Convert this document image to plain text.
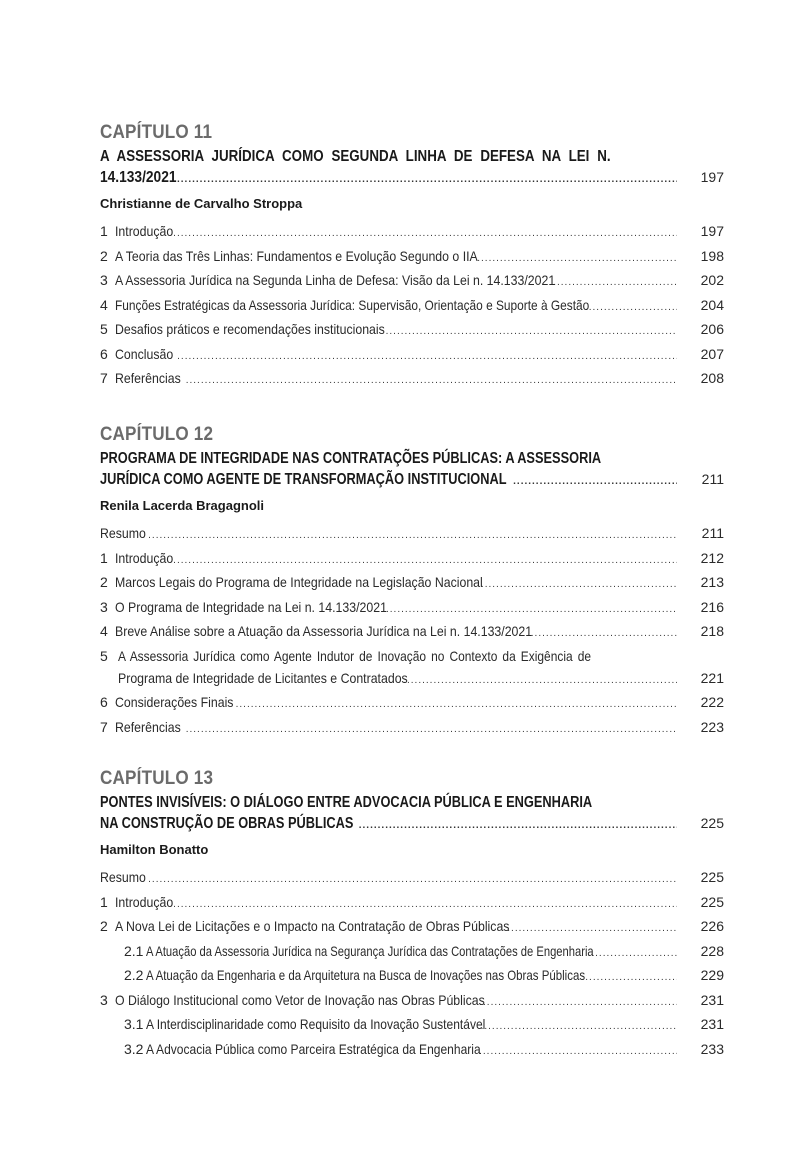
CAPÍTULO 11
A ASSESSORIA JURÍDICA COMO SEGUNDA LINHA DE DEFESA NA LEI N.
14.133/2021 .....	197
Christianne de Carvalho Stroppa
1 Introdução .....	197
2 A Teoria das Três Linhas: Fundamentos e Evolução Segundo o IIA .....	198
3 A Assessoria Jurídica na Segunda Linha de Defesa: Visão da Lei n. 14.133/2021 .....	202
4 Funções Estratégicas da Assessoria Jurídica: Supervisão, Orientação e Suporte à Gestão .....	204
5 Desafios práticos e recomendações institucionais .....	206
6 Conclusão .....	207
7 Referências .....	208
CAPÍTULO 12
PROGRAMA DE INTEGRIDADE NAS CONTRATAÇÕES PÚBLICAS: A ASSESSORIA
JURÍDICA COMO AGENTE DE TRANSFORMAÇÃO INSTITUCIONAL .....	211
Renila Lacerda Bragagnoli
Resumo .....	211
1 Introdução .....	212
2 Marcos Legais do Programa de Integridade na Legislação Nacional .....	213
3 O Programa de Integridade na Lei n. 14.133/2021 .....	216
4 Breve Análise sobre a Atuação da Assessoria Jurídica na Lei n. 14.133/2021 .....	218
5 A Assessoria Jurídica como Agente Indutor de Inovação no Contexto da Exigência de
Programa de Integridade de Licitantes e Contratados .....	221
6 Considerações Finais .....	222
7 Referências .....	223
CAPÍTULO 13
PONTES INVISÍVEIS: O DIÁLOGO ENTRE ADVOCACIA PÚBLICA E ENGENHARIA
NA CONSTRUÇÃO DE OBRAS PÚBLICAS .....	225
Hamilton Bonatto
Resumo .....	225
1 Introdução .....	225
2 A Nova Lei de Licitações e o Impacto na Contratação de Obras Públicas .....	226
2.1 A Atuação da Assessoria Jurídica na Segurança Jurídica das Contratações de Engenharia .....	228
2.2 A Atuação da Engenharia e da Arquitetura na Busca de Inovações nas Obras Públicas .....	229
3 O Diálogo Institucional como Vetor de Inovação nas Obras Públicas .....	231
3.1 A Interdisciplinaridade como Requisito da Inovação Sustentável .....	231
3.2 A Advocacia Pública como Parceira Estratégica da Engenharia .....	233
